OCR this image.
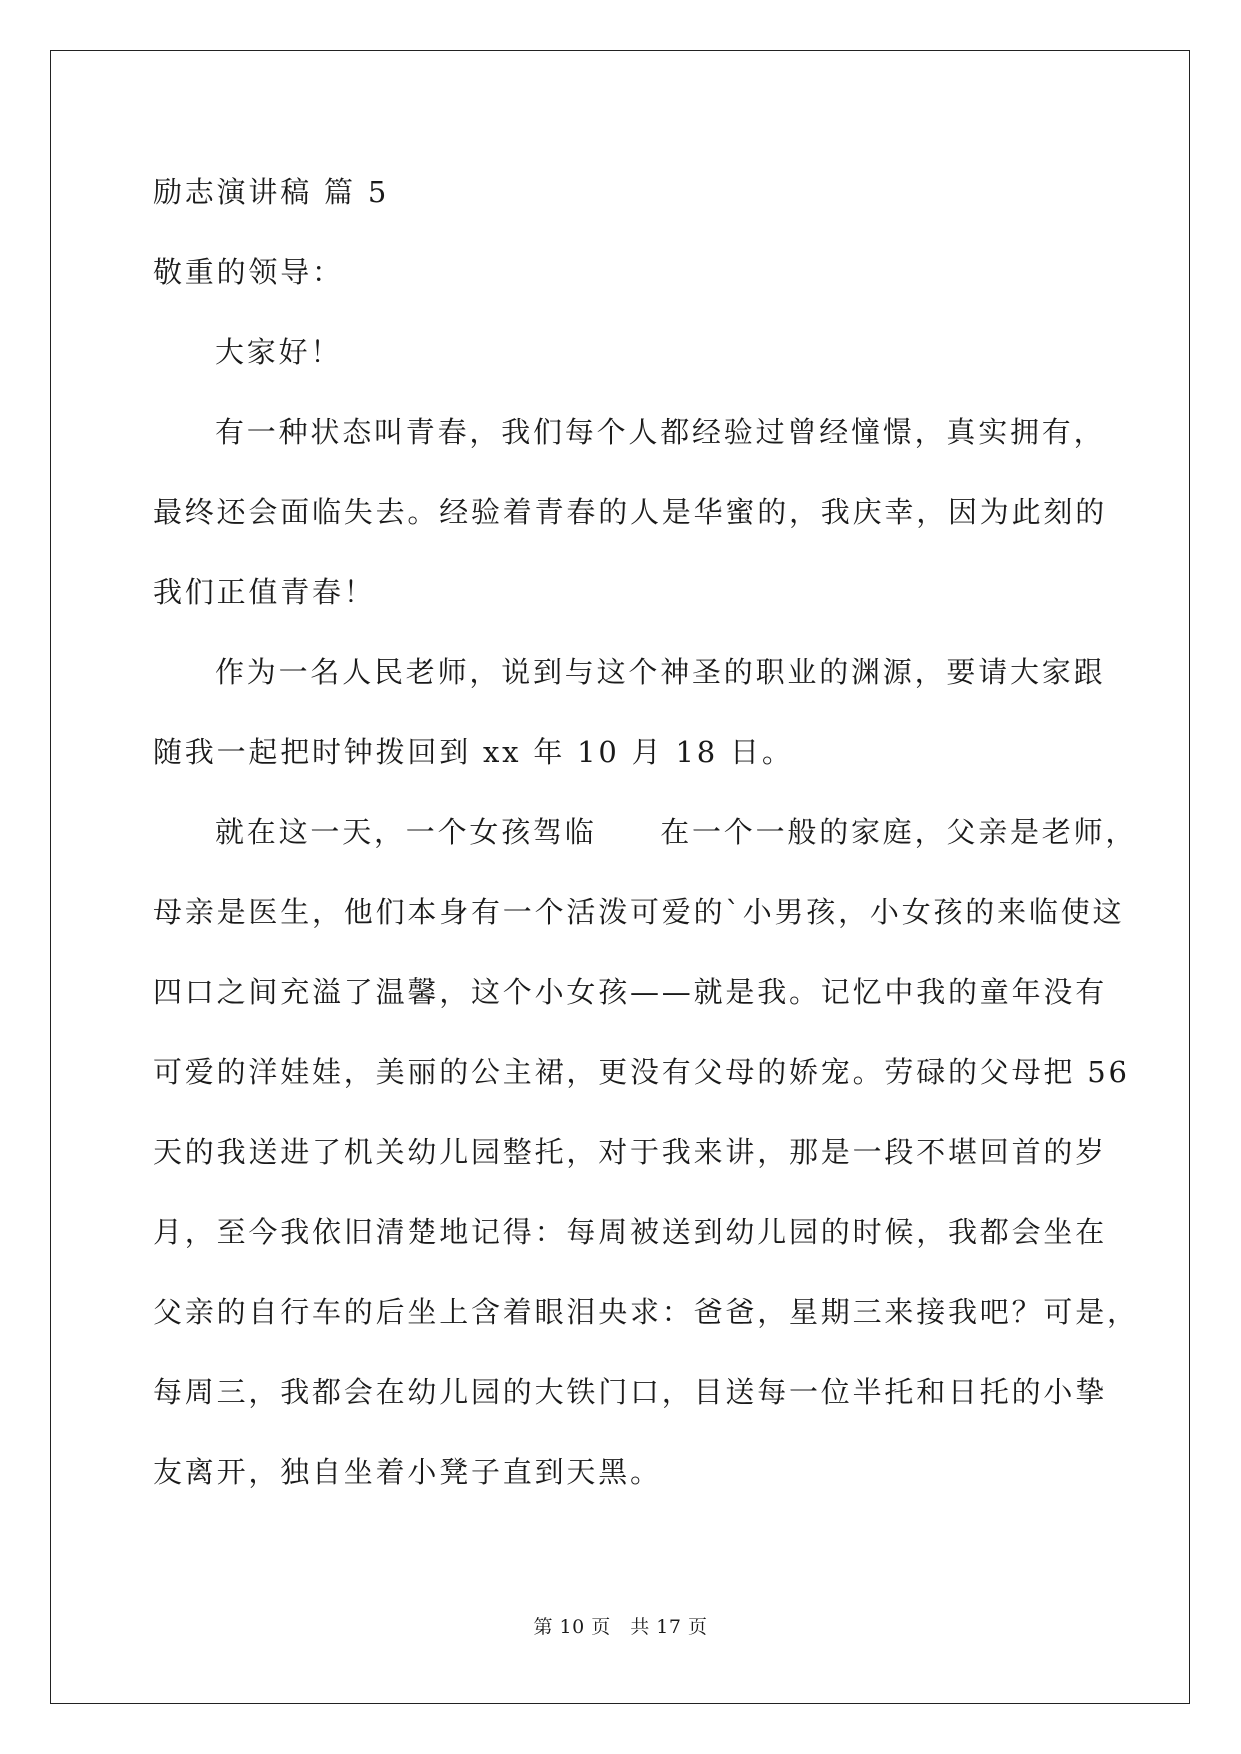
励志演讲稿 篇 5
敬重的领导：
大家好！
有一种状态叫青春，我们每个人都经验过曾经憧憬，真实拥有，
最终还会面临失去。经验着青春的人是华蜜的，我庆幸，因为此刻的
我们正值青春！
作为一名人民老师，说到与这个神圣的职业的渊源，要请大家跟
随我一起把时钟拨回到 xx 年 10 月 18 日。
就在这一天，一个女孩驾临　　在一个一般的家庭，父亲是老师，
母亲是医生，他们本身有一个活泼可爱的`小男孩，小女孩的来临使这
四口之间充溢了温馨，这个小女孩——就是我。记忆中我的童年没有
可爱的洋娃娃，美丽的公主裙，更没有父母的娇宠。劳碌的父母把 56
天的我送进了机关幼儿园整托，对于我来讲，那是一段不堪回首的岁
月，至今我依旧清楚地记得：每周被送到幼儿园的时候，我都会坐在
父亲的自行车的后坐上含着眼泪央求：爸爸，星期三来接我吧？可是，
每周三，我都会在幼儿园的大铁门口，目送每一位半托和日托的小挚
友离开，独自坐着小凳子直到天黑。
第 10 页　共 17 页
